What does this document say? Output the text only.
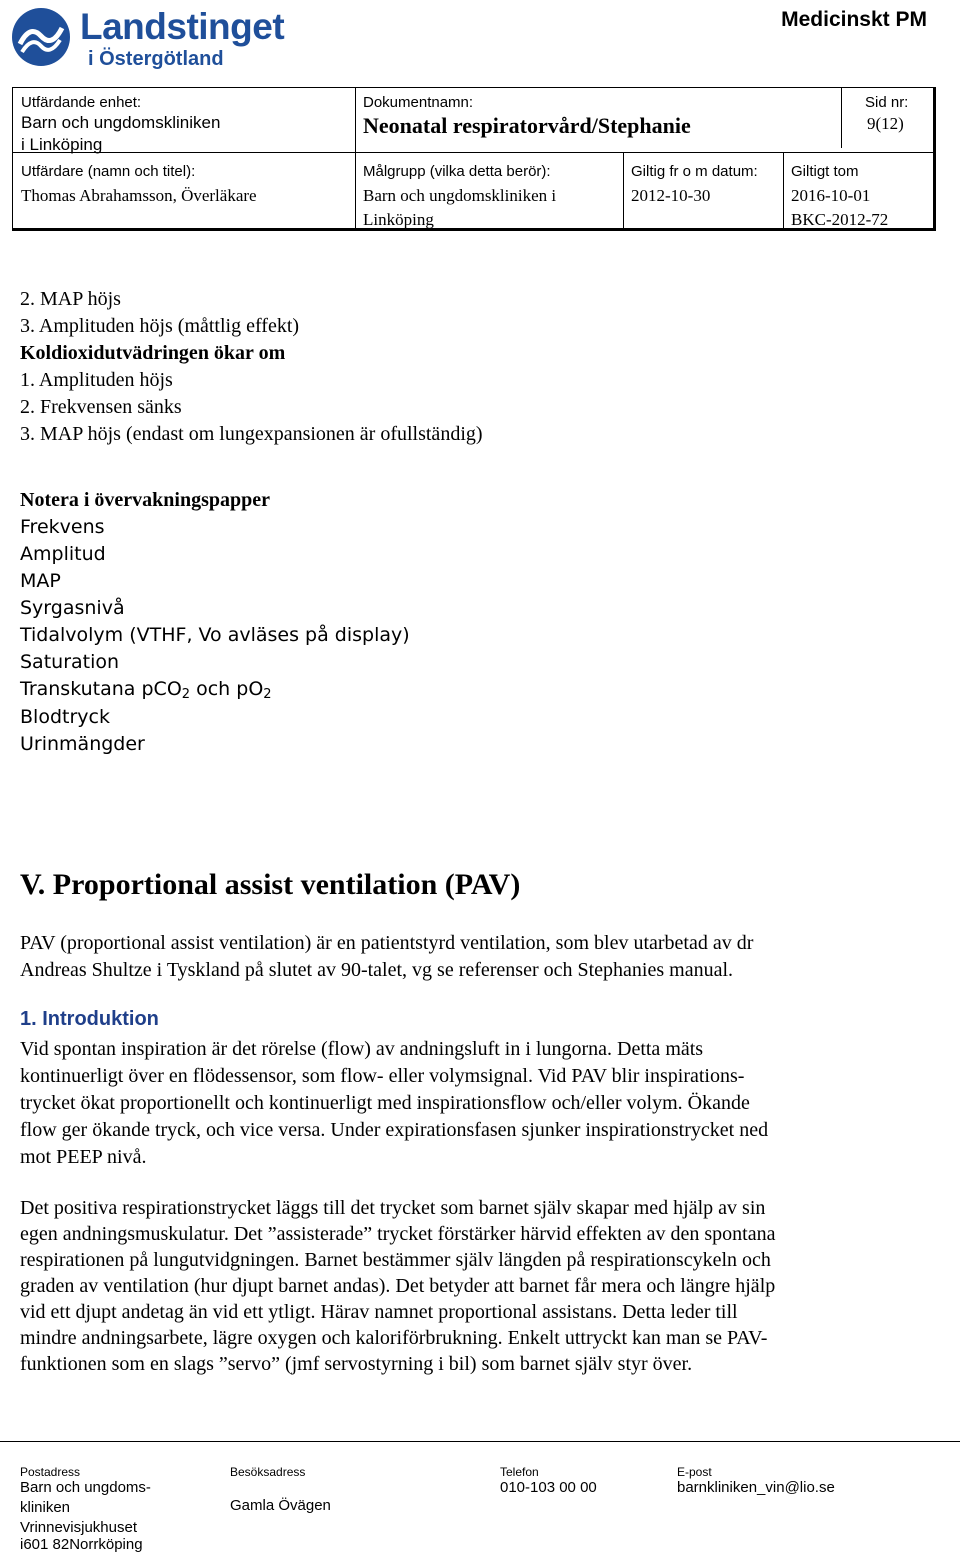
Landstinget
i Östergötland
Medicinskt PM
Utfärdande enhet:
Barn och ungdomskliniken
i Linköping
Dokumentnamn:
Neonatal respiratorvård/Stephanie
Sid nr:
9(12)
Utfärdare (namn och titel):
Thomas Abrahamsson, Överläkare
Målgrupp (vilka detta berör):
Barn och ungdomskliniken i
Linköping
Giltig fr o m datum:
2012-10-30
Giltigt tom
2016-10-01
BKC-2012-72
2. MAP höjs
3. Amplituden höjs (måttlig effekt)
Koldioxidutvädringen ökar om
1. Amplituden höjs
2. Frekvensen sänks
3. MAP höjs (endast om lungexpansionen är ofullständig)
Notera i övervakningspapper
Frekvens
Amplitud
MAP
Syrgasnivå
Tidalvolym (VTHF, Vo avläses på display)
Saturation
Transkutana pCO$_2$ och $pO_2$
Blodtryck
Urinmängder
V. Proportional assist ventilation (PAV)
PAV (proportional assist ventilation) är en patientstyrd ventilation, som blev utarbetad av dr
Andreas Shultze i Tyskland på slutet av 90-talet, vg se referenser och Stephanies manual.
1. Introduktion
Vid spontan inspiration är det rörelse (flow) av andningsluft in i lungorna. Detta mäts
kontinuerligt över en flödessensor, som flow- eller volymsignal. Vid PAV blir inspirations-
trycket ökat proportionellt och kontinuerligt med inspirationsflow och/eller volym. Ökande
flow ger ökande tryck, och vice versa. Under expirationsfasen sjunker inspirationstrycket ned
mot PEEP nivå.
Det positiva respirationstrycket läggs till det trycket som barnet själv skapar med hjälp av sin
egen andningsmuskulatur. Det ”assisterade” trycket förstärker härvid effekten av den spontana
respirationen på lungutvidgningen. Barnet bestämmer själv längden på respirationscykeln och
graden av ventilation (hur djupt barnet andas). Det betyder att barnet får mera och längre hjälp
vid ett djupt andetag än vid ett ytligt. Härav namnet proportional assistans. Detta leder till
mindre andningsarbete, lägre oxygen och kaloriförbrukning. Enkelt uttryckt kan man se PAV-
funktionen som en slags ”servo” (jmf servostyrning i bil) som barnet själv styr över.
Postadress
Barn och ungdoms-
kliniken
Vrinnevisjukhuset
i601 82Norrköping
Besöksadress
Gamla Övägen
Telefon
010-103 00 00
E-post
barnkliniken_vin@lio.se
